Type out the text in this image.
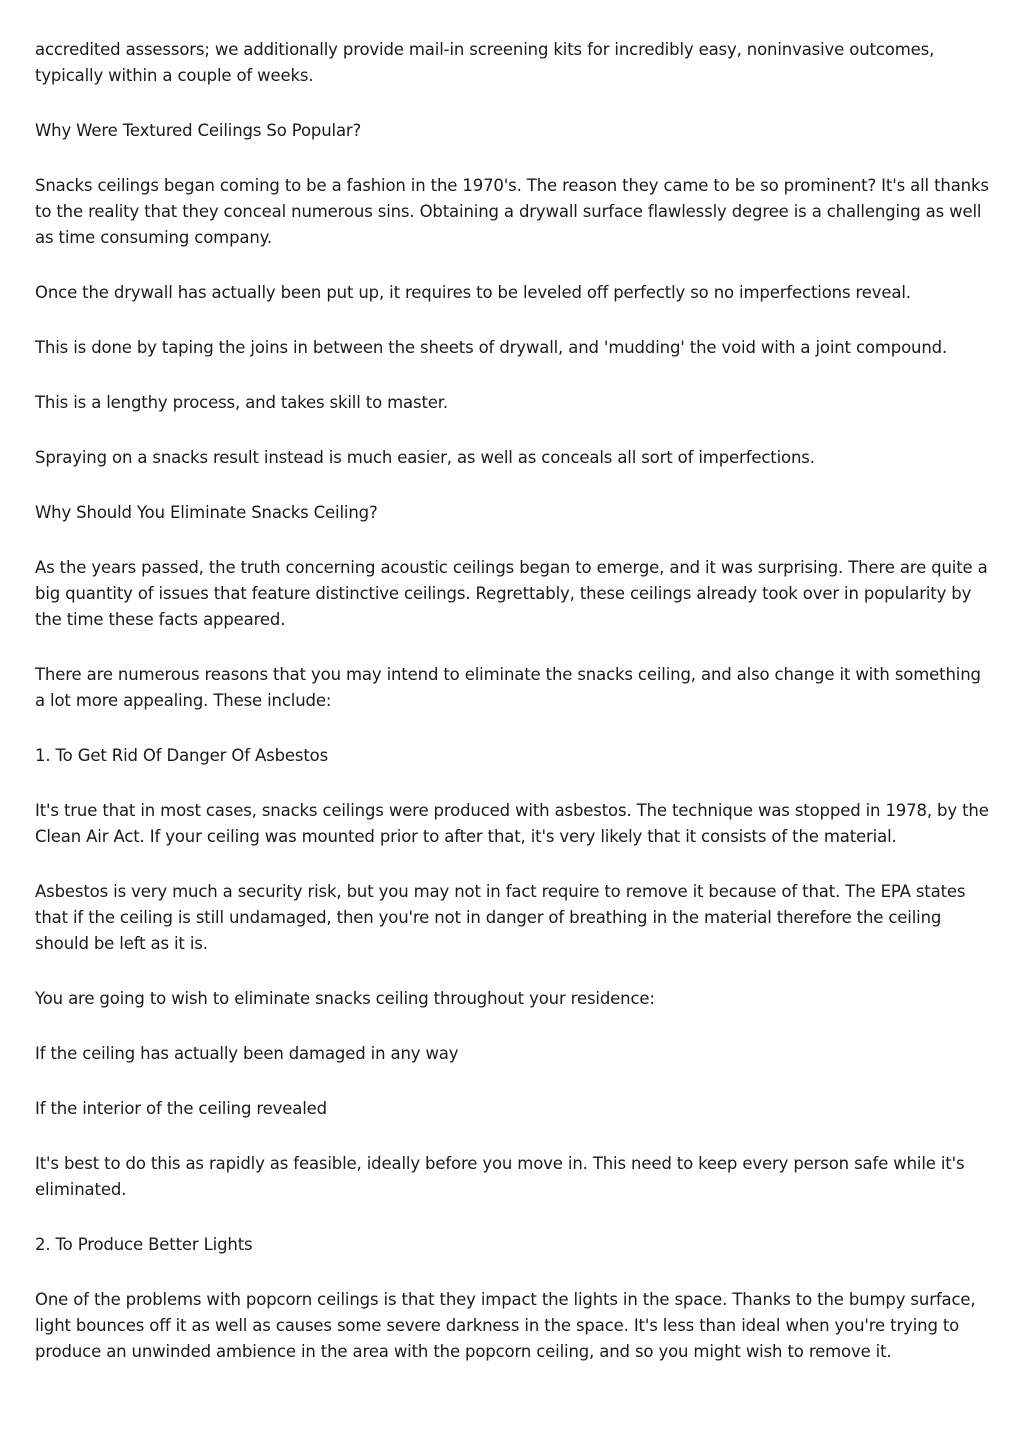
accredited assessors; we additionally provide mail-in screening kits for incredibly easy, noninvasive outcomes, typically within a couple of weeks.

Why Were Textured Ceilings So Popular?

Snacks ceilings began coming to be a fashion in the 1970's. The reason they came to be so prominent? It's all thanks to the reality that they conceal numerous sins. Obtaining a drywall surface flawlessly degree is a challenging as well as time consuming company.

Once the drywall has actually been put up, it requires to be leveled off perfectly so no imperfections reveal.

This is done by taping the joins in between the sheets of drywall, and 'mudding' the void with a joint compound.

This is a lengthy process, and takes skill to master.

Spraying on a snacks result instead is much easier, as well as conceals all sort of imperfections.

Why Should You Eliminate Snacks Ceiling?

As the years passed, the truth concerning acoustic ceilings began to emerge, and it was surprising. There are quite a big quantity of issues that feature distinctive ceilings. Regrettably, these ceilings already took over in popularity by the time these facts appeared.

There are numerous reasons that you may intend to eliminate the snacks ceiling, and also change it with something a lot more appealing. These include:

1. To Get Rid Of Danger Of Asbestos

It's true that in most cases, snacks ceilings were produced with asbestos. The technique was stopped in 1978, by the Clean Air Act. If your ceiling was mounted prior to after that, it's very likely that it consists of the material.

Asbestos is very much a security risk, but you may not in fact require to remove it because of that. The EPA states that if the ceiling is still undamaged, then you're not in danger of breathing in the material therefore the ceiling should be left as it is.

You are going to wish to eliminate snacks ceiling throughout your residence:

If the ceiling has actually been damaged in any way

If the interior of the ceiling revealed

It's best to do this as rapidly as feasible, ideally before you move in. This need to keep every person safe while it's eliminated.

2. To Produce Better Lights

One of the problems with popcorn ceilings is that they impact the lights in the space. Thanks to the bumpy surface, light bounces off it as well as causes some severe darkness in the space. It's less than ideal when you're trying to produce an unwinded ambience in the area with the popcorn ceiling, and so you might wish to remove it.
